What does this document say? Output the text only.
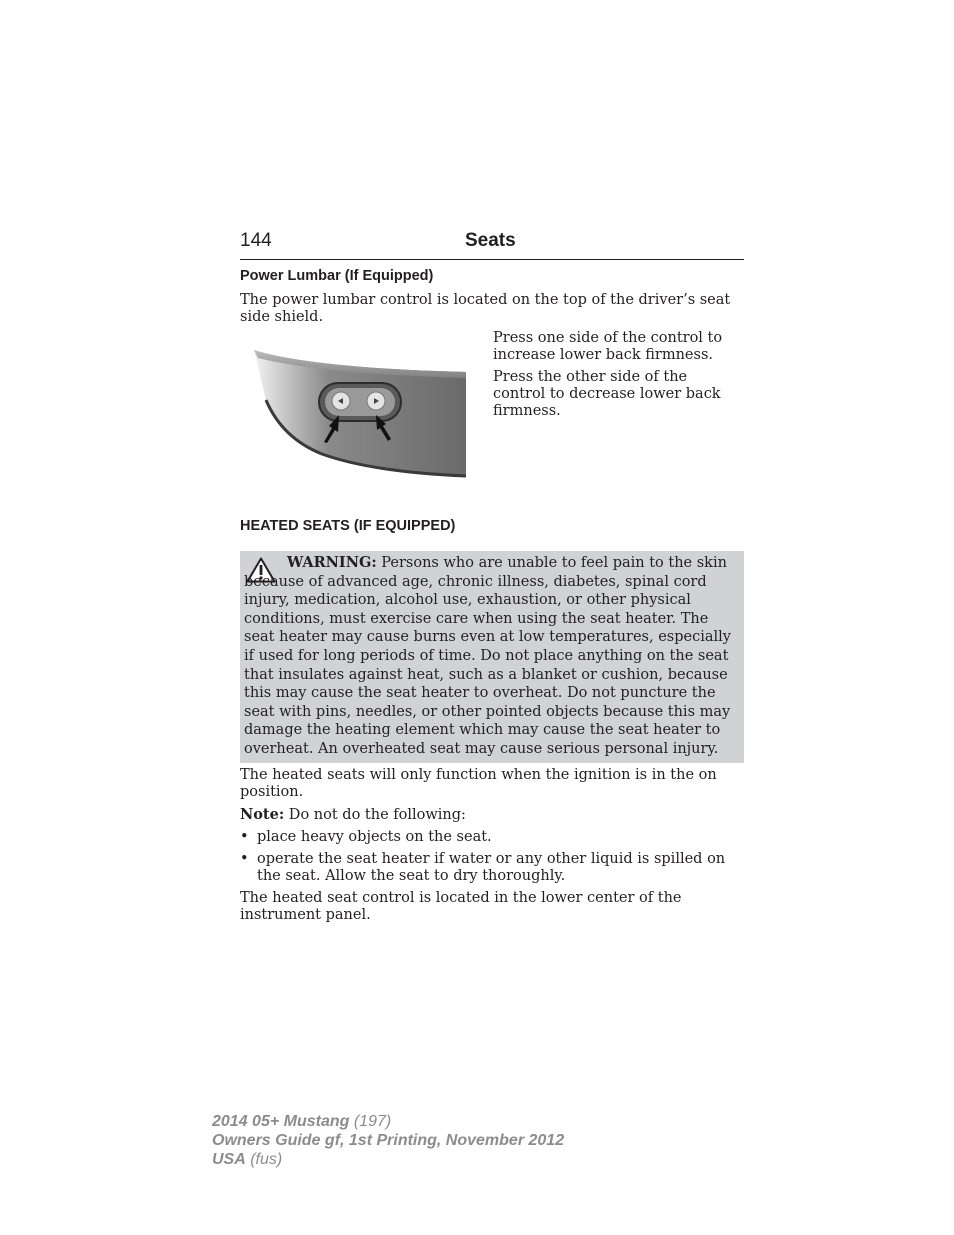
144	Seats
Power Lumbar (If Equipped)

The power lumbar control is located on the top of the driver’s seat side shield.

Press one side of the control to increase lower back firmness.

Press the other side of the control to decrease lower back firmness.

HEATED SEATS (IF EQUIPPED)

WARNING: Persons who are unable to feel pain to the skin because of advanced age, chronic illness, diabetes, spinal cord injury, medication, alcohol use, exhaustion, or other physical conditions, must exercise care when using the seat heater. The seat heater may cause burns even at low temperatures, especially if used for long periods of time. Do not place anything on the seat that insulates against heat, such as a blanket or cushion, because this may cause the seat heater to overheat. Do not puncture the seat with pins, needles, or other pointed objects because this may damage the heating element which may cause the seat heater to overheat. An overheated seat may cause serious personal injury.

The heated seats will only function when the ignition is in the on position.

Note: Do not do the following:

• place heavy objects on the seat.

• operate the seat heater if water or any other liquid is spilled on the seat. Allow the seat to dry thoroughly.

The heated seat control is located in the lower center of the instrument panel.

2014 05+ Mustang (197)
Owners Guide gf, 1st Printing, November 2012
USA (fus)
